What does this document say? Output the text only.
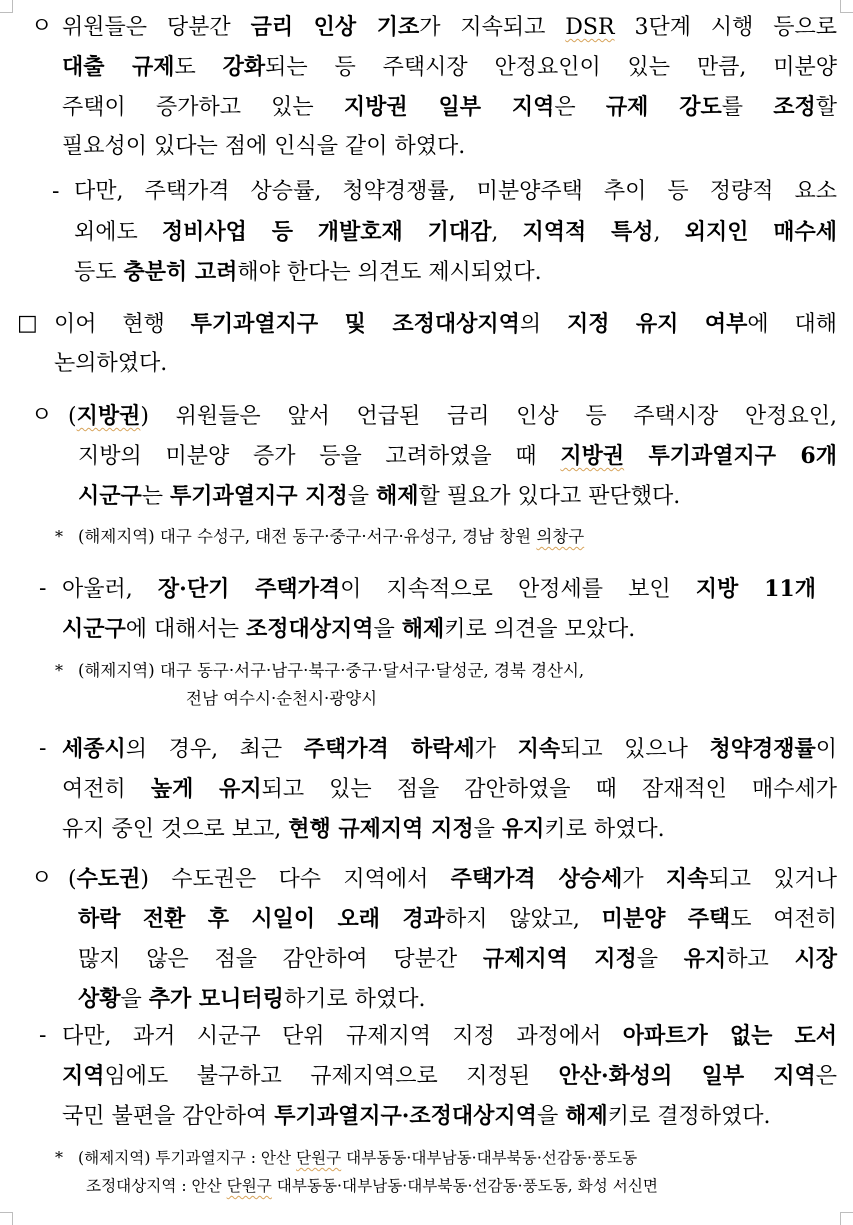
ㅇ 위원들은 당분간 금리 인상 기조가 지속되고 DSR 3단계 시행 등으로
대출 규제도 강화되는 등 주택시장 안정요인이 있는 만큼, 미분양
주택이 증가하고 있는 지방권 일부 지역은 규제 강도를 조정할
필요성이 있다는 점에 인식을 같이 하였다.
- 다만, 주택가격 상승률, 청약경쟁률, 미분양주택 추이 등 정량적 요소
외에도 정비사업 등 개발호재 기대감, 지역적 특성, 외지인 매수세
등도 충분히 고려해야 한다는 의견도 제시되었다.
□ 이어 현행 투기과열지구 및 조정대상지역의 지정 유지 여부에 대해
논의하였다.
ㅇ (지방권) 위원들은 앞서 언급된 금리 인상 등 주택시장 안정요인,
지방의 미분양 증가 등을 고려하였을 때 지방권 투기과열지구 6개
시군구는 투기과열지구 지정을 해제할 필요가 있다고 판단했다.
* (해제지역) 대구 수성구, 대전 동구·중구·서구·유성구, 경남 창원 의창구
- 아울러, 장·단기 주택가격이 지속적으로 안정세를 보인 지방 11개
시군구에 대해서는 조정대상지역을 해제키로 의견을 모았다.
* (해제지역) 대구 동구·서구·남구·북구·중구·달서구·달성군, 경북 경산시,
전남 여수시·순천시·광양시
- 세종시의 경우, 최근 주택가격 하락세가 지속되고 있으나 청약경쟁률이
여전히 높게 유지되고 있는 점을 감안하였을 때 잠재적인 매수세가
유지 중인 것으로 보고, 현행 규제지역 지정을 유지키로 하였다.
ㅇ (수도권) 수도권은 다수 지역에서 주택가격 상승세가 지속되고 있거나
하락 전환 후 시일이 오래 경과하지 않았고, 미분양 주택도 여전히
많지 않은 점을 감안하여 당분간 규제지역 지정을 유지하고 시장
상황을 추가 모니터링하기로 하였다.
- 다만, 과거 시군구 단위 규제지역 지정 과정에서 아파트가 없는 도서
지역임에도 불구하고 규제지역으로 지정된 안산·화성의 일부 지역은
국민 불편을 감안하여 투기과열지구·조정대상지역을 해제키로 결정하였다.
* (해제지역) 투기과열지구 : 안산 단원구 대부동동·대부남동·대부북동·선감동·풍도동
조정대상지역 : 안산 단원구 대부동동·대부남동·대부북동·선감동·풍도동, 화성 서신면
